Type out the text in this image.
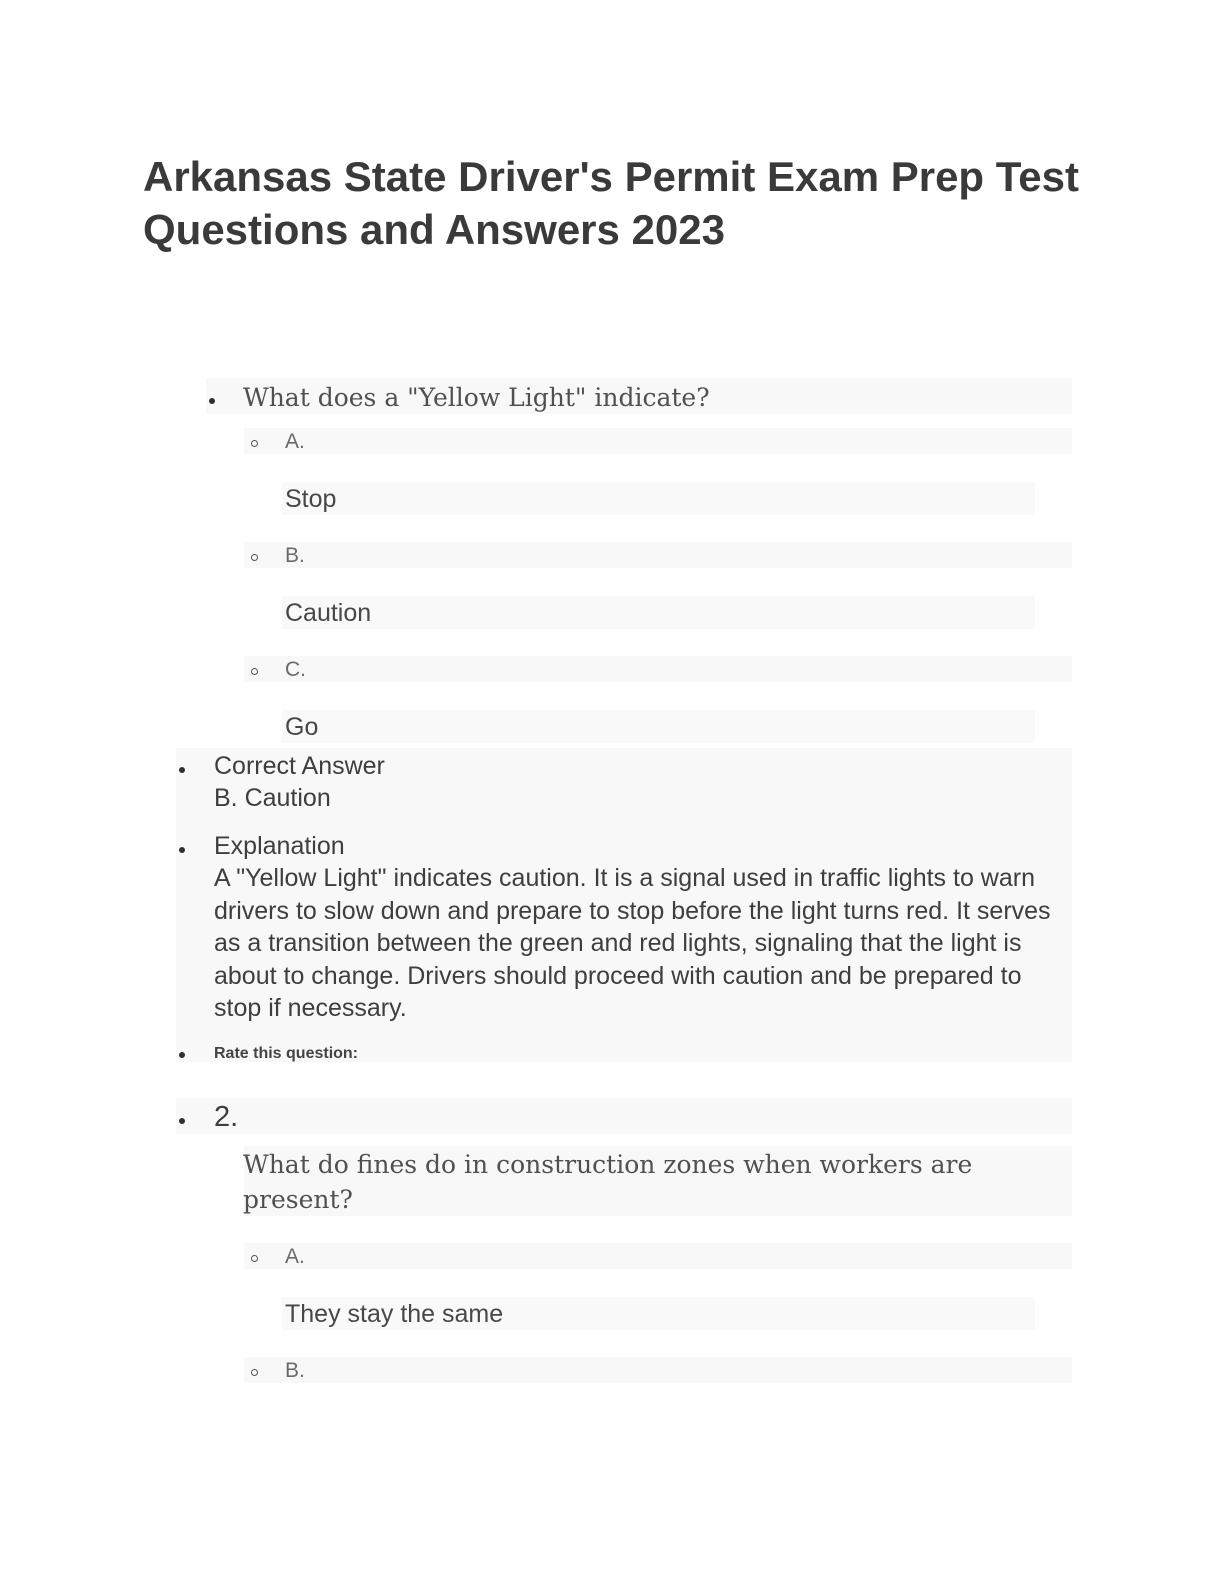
Arkansas State Driver's Permit Exam Prep Test Questions and Answers 2023
What does a "Yellow Light" indicate?
A.
Stop
B.
Caution
C.
Go
Correct Answer
B. Caution
Explanation
A "Yellow Light" indicates caution. It is a signal used in traffic lights to warn drivers to slow down and prepare to stop before the light turns red. It serves as a transition between the green and red lights, signaling that the light is about to change. Drivers should proceed with caution and be prepared to stop if necessary.
Rate this question:
2.
What do fines do in construction zones when workers are present?
A.
They stay the same
B.
